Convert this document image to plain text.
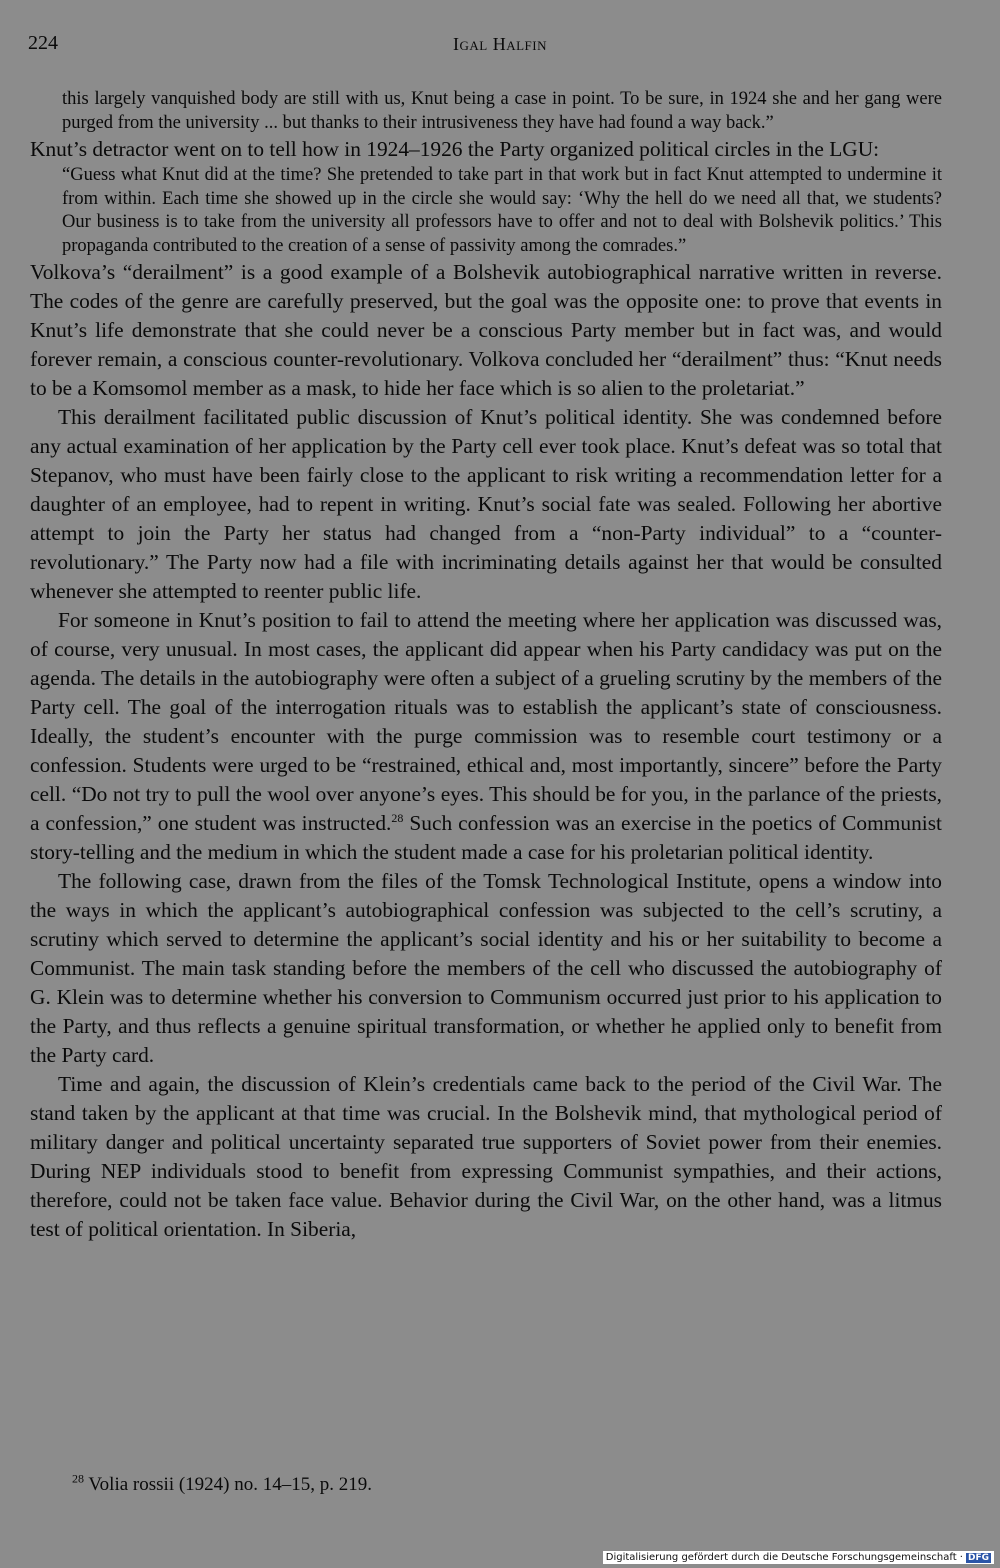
224	Igal Halfin

this largely vanquished body are still with us, Knut being a case in point. To be sure, in 1924 she and her gang were purged from the university ... but thanks to their intrusiveness they have had found a way back.”

Knut’s detractor went on to tell how in 1924–1926 the Party organized political circles in the LGU:

“Guess what Knut did at the time? She pretended to take part in that work but in fact Knut attempted to undermine it from within. Each time she showed up in the circle she would say: ‘Why the hell do we need all that, we students? Our business is to take from the university all professors have to offer and not to deal with Bolshevik politics.’ This propaganda contributed to the creation of a sense of passivity among the comrades.”

Volkova’s “derailment” is a good example of a Bolshevik autobiographical narrative written in reverse. The codes of the genre are carefully preserved, but the goal was the opposite one: to prove that events in Knut’s life demonstrate that she could never be a conscious Party member but in fact was, and would forever remain, a conscious counter-revolutionary. Volkova concluded her “derailment” thus: “Knut needs to be a Komsomol member as a mask, to hide her face which is so alien to the proletariat.”

This derailment facilitated public discussion of Knut’s political identity. She was condemned before any actual examination of her application by the Party cell ever took place. Knut’s defeat was so total that Stepanov, who must have been fairly close to the applicant to risk writing a recommendation letter for a daughter of an employee, had to repent in writing. Knut’s social fate was sealed. Following her abortive attempt to join the Party her status had changed from a “non-Party individual” to a “counter-revolutionary.” The Party now had a file with incriminating details against her that would be consulted whenever she attempted to reenter public life.

For someone in Knut’s position to fail to attend the meeting where her application was discussed was, of course, very unusual. In most cases, the applicant did appear when his Party candidacy was put on the agenda. The details in the autobiography were often a subject of a grueling scrutiny by the members of the Party cell. The goal of the interrogation rituals was to establish the applicant’s state of consciousness. Ideally, the student’s encounter with the purge commission was to resemble court testimony or a confession. Students were urged to be “restrained, ethical and, most importantly, sincere” before the Party cell. “Do not try to pull the wool over anyone’s eyes. This should be for you, in the parlance of the priests, a confession,” one student was instructed.$^{28}$ Such confession was an exercise in the poetics of Communist story-telling and the medium in which the student made a case for his proletarian political identity.

The following case, drawn from the files of the Tomsk Technological Institute, opens a window into the ways in which the applicant’s autobiographical confession was subjected to the cell’s scrutiny, a scrutiny which served to determine the applicant’s social identity and his or her suitability to become a Communist. The main task standing before the members of the cell who discussed the autobiography of G. Klein was to determine whether his conversion to Communism occurred just prior to his application to the Party, and thus reflects a genuine spiritual transformation, or whether he applied only to benefit from the Party card.

Time and again, the discussion of Klein’s credentials came back to the period of the Civil War. The stand taken by the applicant at that time was crucial. In the Bolshevik mind, that mythological period of military danger and political uncertainty separated true supporters of Soviet power from their enemies. During NEP individuals stood to benefit from expressing Communist sympathies, and their actions, therefore, could not be taken face value. Behavior during the Civil War, on the other hand, was a litmus test of political orientation. In Siberia,

$^{28}$ Volia rossii (1924) no. 14–15, p. 219.
Digitalisierung gefördert durch die Deutsche Forschungsgemeinschaft · DFG
